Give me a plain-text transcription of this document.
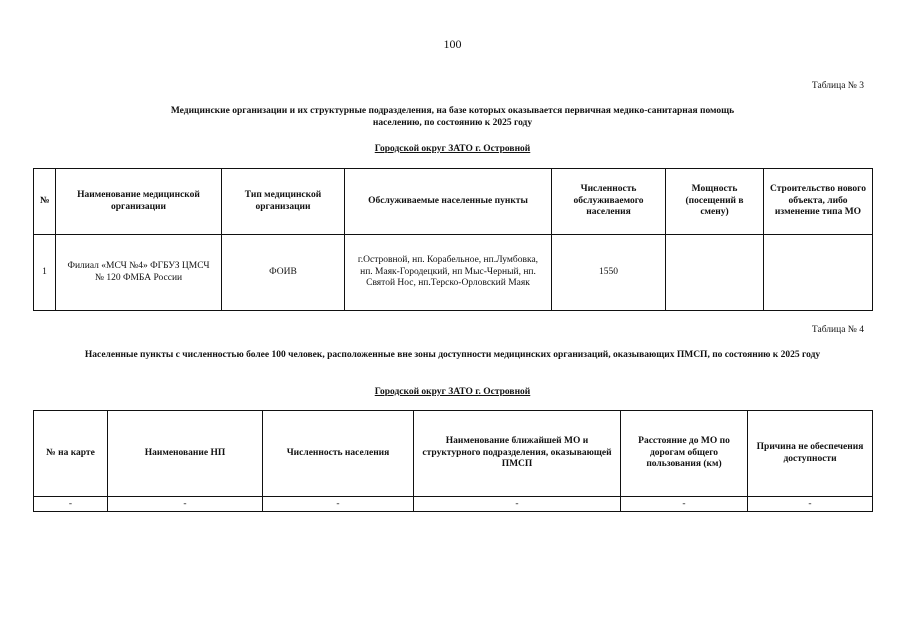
100
Таблица № 3
Медицинские организации и их структурные подразделения, на базе которых оказывается первичная медико-санитарная помощь населению, по состоянию к 2025 году
Городской округ ЗАТО г. Островной
№	Наименование медицинской организации	Тип медицинской организации	Обслуживаемые населенные пункты	Численность обслуживаемого населения	Мощность (посещений в смену)	Строительство нового объекта, либо изменение типа МО
1	Филиал «МСЧ №4» ФГБУЗ ЦМСЧ № 120 ФМБА России	ФОИВ	г.Островной, нп. Корабельное, нп.Лумбовка, нп. Маяк-Городецкий, нп Мыс-Черный, нп. Святой Нос, нп.Терско-Орловский Маяк	1550		
Таблица № 4
Населенные пункты с численностью более 100 человек, расположенные вне зоны доступности медицинских организаций, оказывающих ПМСП, по состоянию к 2025 году
Городской округ ЗАТО г. Островной
№ на карте	Наименование НП	Численность населения	Наименование ближайшей МО и структурного подразделения, оказывающей ПМСП	Расстояние до МО по дорогам общего пользования (км)	Причина не обеспечения доступности
-	-	-	-	-	-
